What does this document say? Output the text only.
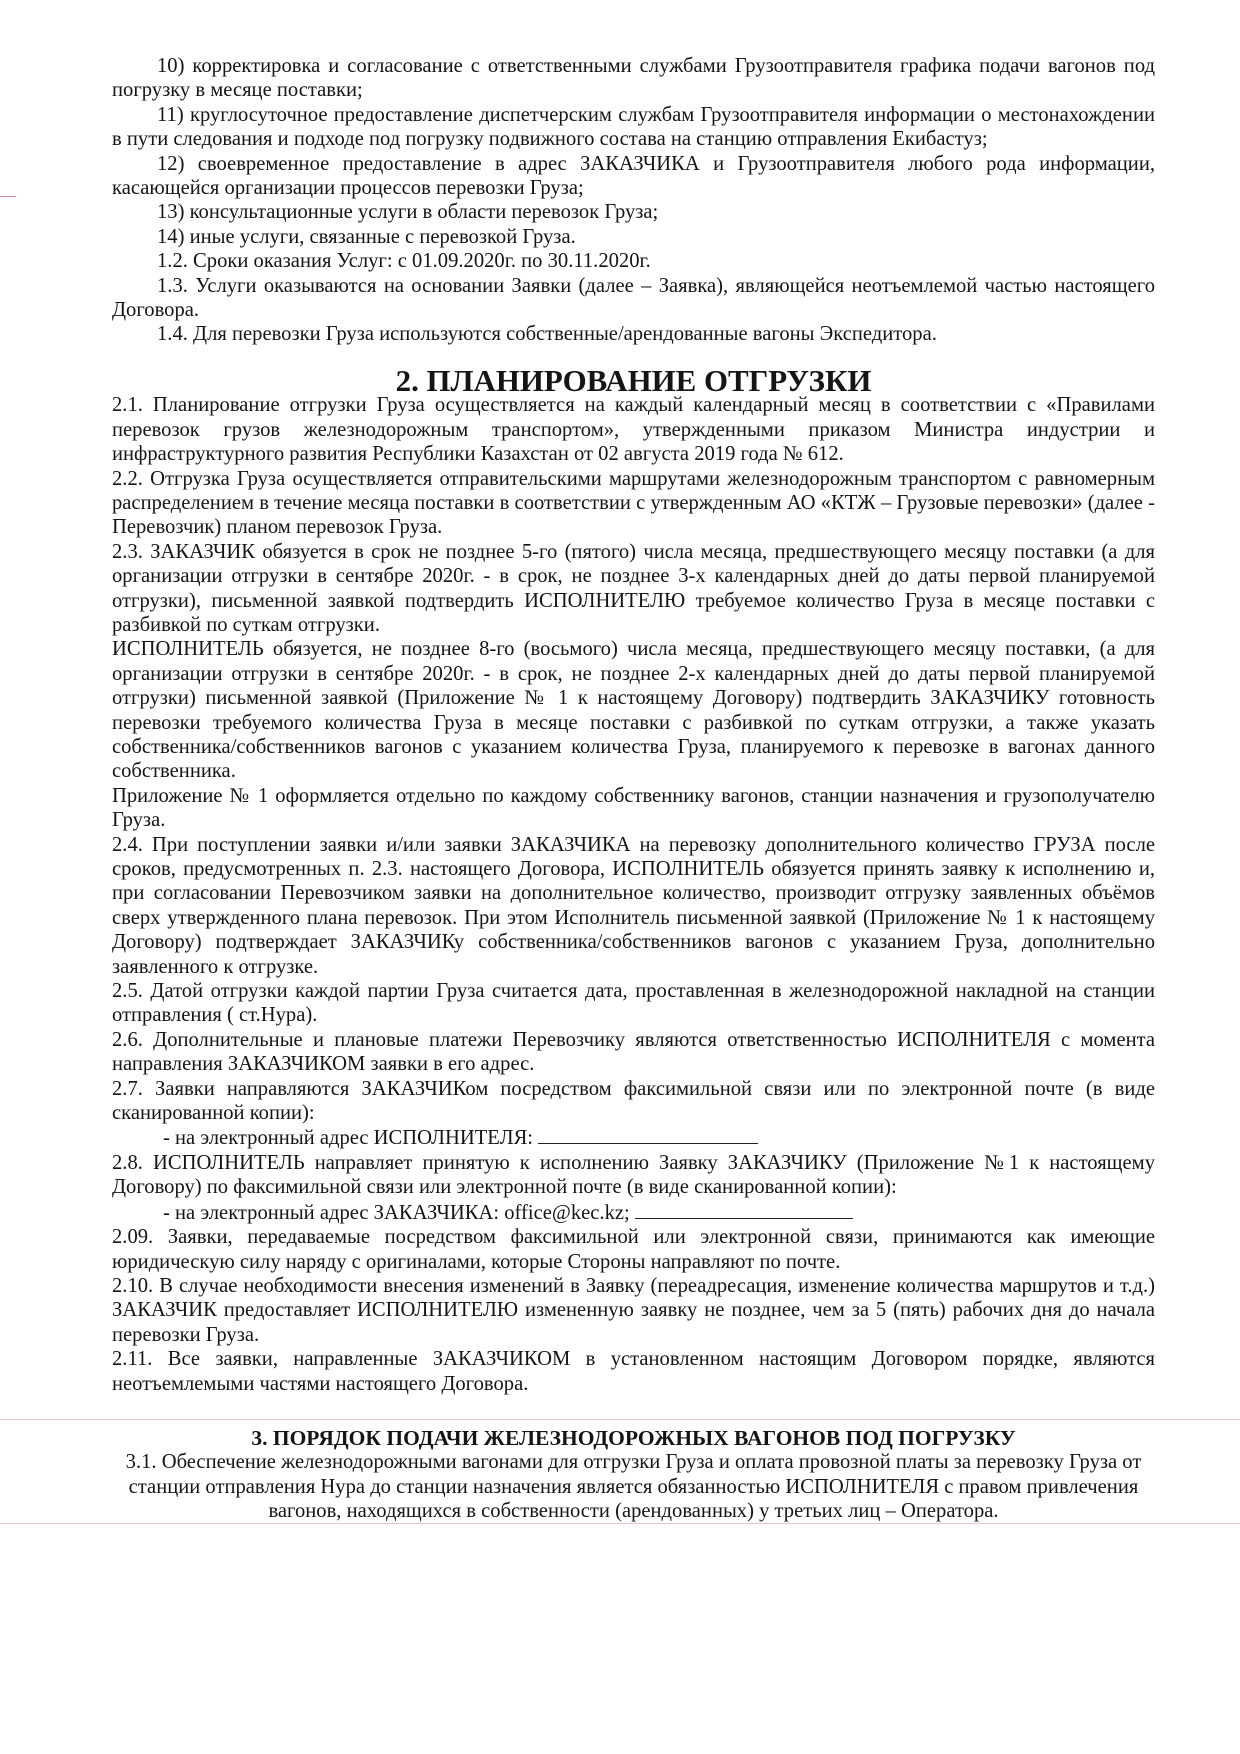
10) корректировка и согласование с ответственными службами Грузоотправителя графика подачи вагонов под погрузку в месяце поставки;

11) круглосуточное предоставление диспетчерским службам Грузоотправителя информации о местонахождении в пути следования и подходе под погрузку подвижного состава на станцию отправления Екибастуз;

12) своевременное предоставление в адрес ЗАКАЗЧИКА и Грузоотправителя любого рода информации, касающейся организации процессов перевозки Груза;

13) консультационные услуги в области перевозок Груза;

14) иные услуги, связанные с перевозкой Груза.

1.2. Сроки оказания Услуг: с 01.09.2020г. по 30.11.2020г.

1.3. Услуги оказываются на основании Заявки (далее – Заявка), являющейся неотъемлемой частью настоящего Договора.

1.4. Для перевозки Груза используются собственные/арендованные вагоны Экспедитора.

2. ПЛАНИРОВАНИЕ ОТГРУЗКИ

2.1. Планирование отгрузки Груза осуществляется на каждый календарный месяц в соответствии с «Правилами перевозок грузов железнодорожным транспортом», утвержденными приказом Министра индустрии и инфраструктурного развития Республики Казахстан от 02 августа 2019 года № 612.

2.2. Отгрузка Груза осуществляется отправительскими маршрутами железнодорожным транспортом с равномерным распределением в течение месяца поставки в соответствии с утвержденным АО «КТЖ – Грузовые перевозки» (далее - Перевозчик) планом перевозок Груза.

2.3. ЗАКАЗЧИК обязуется в срок не позднее 5-го (пятого) числа месяца, предшествующего месяцу поставки (а для организации отгрузки в сентябре 2020г. - в срок, не позднее 3-х календарных дней до даты первой планируемой отгрузки), письменной заявкой подтвердить ИСПОЛНИТЕЛЮ требуемое количество Груза в месяце поставки с разбивкой по суткам отгрузки.

ИСПОЛНИТЕЛЬ обязуется, не позднее 8-го (восьмого) числа месяца, предшествующего месяцу поставки, (а для организации отгрузки в сентябре 2020г. - в срок, не позднее 2-х календарных дней до даты первой планируемой отгрузки) письменной заявкой (Приложение № 1 к настоящему Договору) подтвердить ЗАКАЗЧИКУ готовность перевозки требуемого количества Груза в месяце поставки с разбивкой по суткам отгрузки, а также указать собственника/собственников вагонов с указанием количества Груза, планируемого к перевозке в вагонах данного собственника.

Приложение № 1 оформляется отдельно по каждому собственнику вагонов, станции назначения и грузополучателю Груза.

2.4. При поступлении заявки и/или заявки ЗАКАЗЧИКА на перевозку дополнительного количество ГРУЗА после сроков, предусмотренных п. 2.3. настоящего Договора, ИСПОЛНИТЕЛЬ обязуется принять заявку к исполнению и, при согласовании Перевозчиком заявки на дополнительное количество, производит отгрузку заявленных объёмов сверх утвержденного плана перевозок. При этом Исполнитель письменной заявкой (Приложение № 1 к настоящему Договору) подтверждает ЗАКАЗЧИКу собственника/собственников вагонов с указанием Груза, дополнительно заявленного к отгрузке.

2.5. Датой отгрузки каждой партии Груза считается дата, проставленная в железнодорожной накладной на станции отправления ( ст.Нура).

2.6. Дополнительные и плановые платежи Перевозчику являются ответственностью ИСПОЛНИТЕЛЯ с момента направления ЗАКАЗЧИКОМ заявки в его адрес.

2.7. Заявки направляются ЗАКАЗЧИКом посредством факсимильной связи или по электронной почте (в виде сканированной копии):

- на электронный адрес ИСПОЛНИТЕЛЯ:

2.8. ИСПОЛНИТЕЛЬ направляет принятую к исполнению Заявку ЗАКАЗЧИКУ (Приложение №1 к настоящему Договору) по факсимильной связи или электронной почте (в виде сканированной копии):

- на электронный адрес ЗАКАЗЧИКА: office@kec.kz;

2.09. Заявки, передаваемые посредством факсимильной или электронной связи, принимаются как имеющие юридическую силу наряду с оригиналами, которые Стороны направляют по почте.

2.10. В случае необходимости внесения изменений в Заявку (переадресация, изменение количества маршрутов и т.д.) ЗАКАЗЧИК предоставляет ИСПОЛНИТЕЛЮ измененную заявку не позднее, чем за 5 (пять) рабочих дня до начала перевозки Груза.

2.11. Все заявки, направленные ЗАКАЗЧИКОМ в установленном настоящим Договором порядке, являются неотъемлемыми частями настоящего Договора.

3. ПОРЯДОК ПОДАЧИ ЖЕЛЕЗНОДОРОЖНЫХ ВАГОНОВ ПОД ПОГРУЗКУ

3.1. Обеспечение железнодорожными вагонами для отгрузки Груза и оплата провозной платы за перевозку Груза от станции отправления Нура до станции назначения является обязанностью ИСПОЛНИТЕЛЯ с правом привлечения вагонов, находящихся в собственности (арендованных) у третьих лиц – Оператора.
